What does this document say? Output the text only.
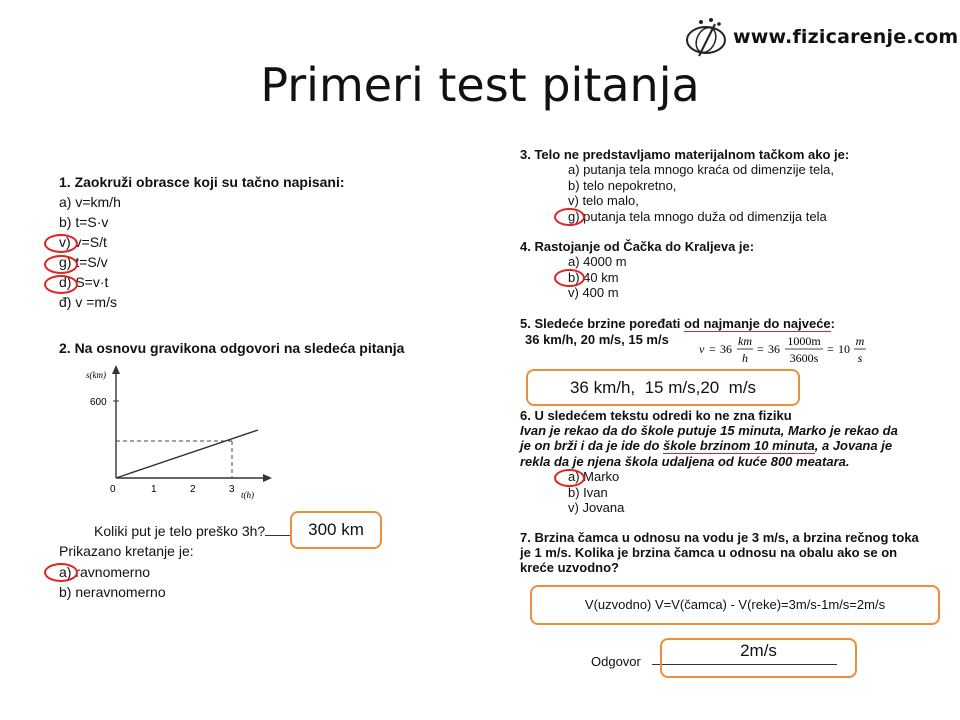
www.fizicarenje.com
Primeri test pitanja
1. Zaokruži obrasce koji su tačno napisani:
a) v=km/h
b) t=S·v
v) v=S/t
g) t=S/v
d) S=v·t
đ) v =m/s
2. Na osnovu gravikona odgovori na sledeća pitanja
s(km)
600
0	1	2	3 t(h)
Koliki put je telo preško 3h?	300 km
Prikazano kretanje je:
a) ravnomerno
b) neravnomerno
3. Telo ne predstavljamo materijalnom tačkom ako je:
a) putanja tela mnogo kraća od dimenzije tela,
b) telo nepokretno,
v) telo malo,
g) putanja tela mnogo duža od dimenzija tela
4. Rastojanje od Čačka do Kraljeva je:
a) 4000 m
b) 40 km
v) 400 m
5. Sledeće brzine poređati od najmanje do najveće:
36 km/h, 20 m/s, 15 m/s
v = 36
km
h
= 36
1000m
3600s
= 10
m
s
36 km/h,  15 m/s,20  m/s
6. U sledećem tekstu odredi ko ne zna fiziku
Ivan je rekao da do škole putuje 15 minuta, Marko je rekao da
je on brži i da je ide do škole brzinom 10 minuta, a Jovana je
rekla da je njena škola udaljena od kuće 800 meatara.
a) Marko
b) Ivan
v) Jovana
7. Brzina čamca u odnosu na vodu je 3 m/s, a brzina rečnog toka
je 1 m/s. Kolika je brzina čamca u odnosu na obalu ako se on
kreće uzvodno?
V(uzvodno) V=V(čamca) - V(reke)=3m/s-1m/s=2m/s
Odgovor
2m/s
